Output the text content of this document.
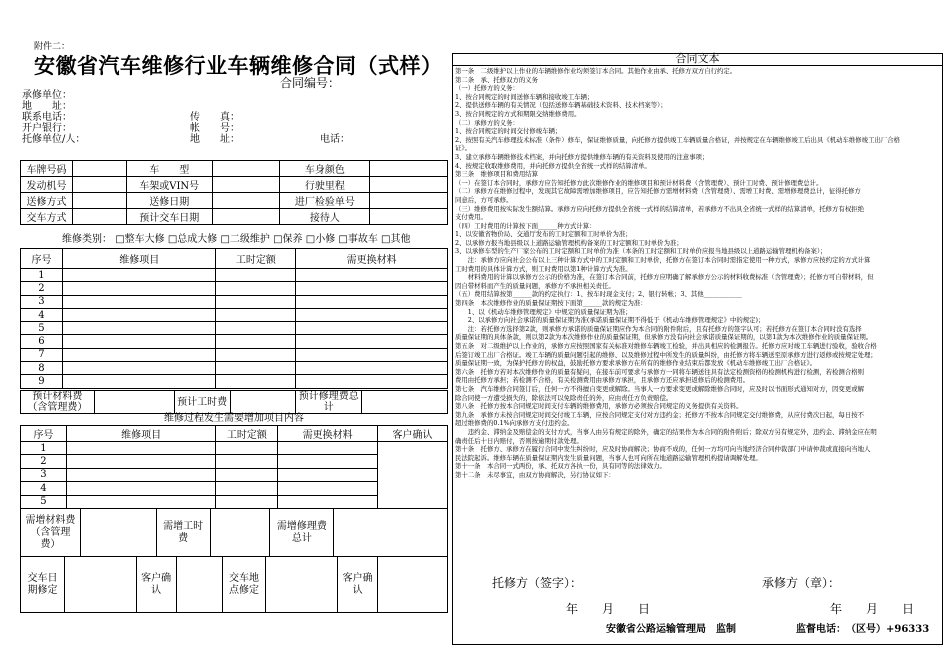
附件二：
安徽省汽车维修行业车辆维修合同（式样）
合同编号：
承修单位：
地　　址：
联系电话：	传　　真：
开户银行：	帐　　号：
托修单位/人：	地　　址：	电话：
车牌号码		车　　型		车身颜色	
发动机号		车架或VIN号		行驶里程	
送修方式		送修日期		进厂检验单号	
交车方式		预计交车日期		接待人	
维修类别： □整车大修 □总成大修 □二级维护 □保养 □小修 □事故车 □其他
序号	维修项目	工时定额	需更换材料
1			
2			
3			
4			
5			
6			
7			
8			
9			
预计材料费（含管理费）		预计工时费		预计修理费总计	
维修过程发生需要增加项目内容
序号	维修项目	工时定额	需更换材料	客户确认
1				
2				
3				
4				
5				
需增材料费（含管理费）		需增工时费		需增修理费总计	
交车日期修定		客户确认		交车地点修定		客户确认	
合同文本
第一条　二级维护以上作业的车辆维修作业均须签订本合同。其他作业由承、托修方双方自行约定。
第二条　承、托修双方的义务
（一）托修方的义务：
1、按合同规定的时间送修车辆和接收竣工车辆；
2、提供送修车辆的有关情况（包括送修车辆基础技术资料、技术档案等）；
3、按合同规定的方式和期限交纳维修费用。
（二）承修方的义务：
1、按合同规定的时间交付修竣车辆；
2、按照有关汽车修理技术标准（条件）修车，保证维修质量，向托修方提供竣工车辆质量合格证，并按规定在车辆维修竣工后出具《机动车维修竣工出厂合格
证》。
3、建立承修车辆维修技术档案，并向托修方提供维修车辆的有关资料及使用的注意事项；
4、按规定收取维修费用，并向托修方提供全省统一式样的结算清单。
第三条　维修项目和费用结算
（一）在签订本合同时，承修方应告知托修方此次维修作业的维修项目和预计材料费（含管理费）、预计工时费、预计修理费总计。
（二）承修方在维修过程中，发现其它故障需增加维修项目，应告知托修方需增材料费（含管理费）、需增工时费、需增修理费总计，征得托修方
同意后，方可承修。
（三）维修费用按实际发生额结算。承修方应向托修方提供全省统一式样的结算清单，若承修方不出具全省统一式样的结算清单，托修方有权拒绝
支付费用。
（四）工时费用的计算按下面______种方式计算：
1、以安徽省物价局、交通厅发布的工时定额和工时单价为准；
2、以承修方报当地县级以上道路运输管理机构备案的工时定额和工时单价为准；
3、以承修车型的生产厂家公布的工时定额和工时单价为准（本条的工时定额和工时单价应报当地县级以上道路运输管理机构备案）；
　　注：承修方应向社会公布以上三种计算方式中的工时定额和工时单价，托修方在签订本合同时需指定使用一种方式，承修方应按约定的方式计算
工时费用的具体计算方式，则工时费用以第1种计算方式为准。
　　材料费用的计算以承修方公示的价格为准，在签订本合同前，托修方应明确了解承修方公示的材料收费标准（含管理费）；托修方可自带材料，但
因自带材料而产生的质量问题，承修方不承担相关责任。
（五）费用结算按第______款的约定执行：1、按车时现金支付；2、银行转帐；3、其他____________
第四条　本次维修作业的质量保证期按下面第______款的规定为准：
　　1、以《机动车维修管理规定》中规定的质量保证期为准；
　　2、以承修方向社会承诺的质量保证期为准(承诺质量保证期不得低于《机动车维修管理规定》中的规定)；
　　注：若托修方选择第2款，则承修方承诺的质量保证期应作为本合同的附件附后，且有托修方的签字认可；若托修方在签订本合同时没有选择
质量保证期的具体条款，则以第2款为本次维修作业的质量保证期，但承修方没有向社会承诺质量保证期的，以第1款为本次维修作业的质量保证期。
第五条　对二级维护以上作业的，承修方应按照国家有关标准对维修车辆竣工检验，并出具相应的检测报告。托修方应对竣工车辆进行验收，验收合格
后签订竣工出厂合格证。竣工车辆的质量问题引起的维修、以及维修过程中所发生的质量纠纷，由托修方将车辆送至原承修方进行返修或按规定处理；
质量保证期一致，为保护托修方的权益，鼓励托修方要求承修方在所有的维修作业结束后都发放《机动车维修竣工出厂合格证》。
第六条　托修方若对本次维修作业的质量有疑问，在接车前可要求与承修方一同将车辆送往具有法定检测资格的检测机构进行检测，若检测合格则
费用由托修方承担；若检测不合格，有关检测费用由承修方承担，且承修方还应承担返修后的检测费用。
第七条　汽车维修合同签订后，任何一方不得擅自变更或解除。当事人一方要求变更或解除维修合同时，应及时以书面形式通知对方，因变更或解
除合同使一方遭受损失的，除依法可以免除责任的外，应由责任方负责赔偿。
第八条　托修方按本合同规定时间支付车辆的维修费用，承修方必须按合同规定的义务提供有关资料。
第九条　承修方未按合同规定时间交付竣工车辆，应按合同规定支付对方违约金；托修方不按本合同规定交付维修费，从应付费次日起，每日按不
超过维修费的0.1%向承修方支付违约金。
　　违约金、滞纳金及赔偿金的支付方式，当事人由另有规定的除外，确定的结果作为本合同的附件附后；除双方另有规定外，违约金、滞纳金应在明
确责任后十日内赔付，否则按逾期付款处理。
第十条　托修方、承修方在履行合同中发生纠纷时，应及时协商解决；协商不成的，任何一方均可向当地经济合同仲裁部门申请仲裁或直接向当地人
民法院起诉。维修车辆在质量保证期内发生质量问题，当事人也可向所在地道路运输管理机构提请调解处理。
第十一条　本合同一式两份，承、托双方各执一份，具有同等的法律效力。
第十二条　未尽事宜，由双方协商解决，另行协议如下：
托修方（签字）：	承修方（章）：
年　　月　　日	年　　月　　日
安徽省公路运输管理局　监制	监督电话：　（区号）+96333
